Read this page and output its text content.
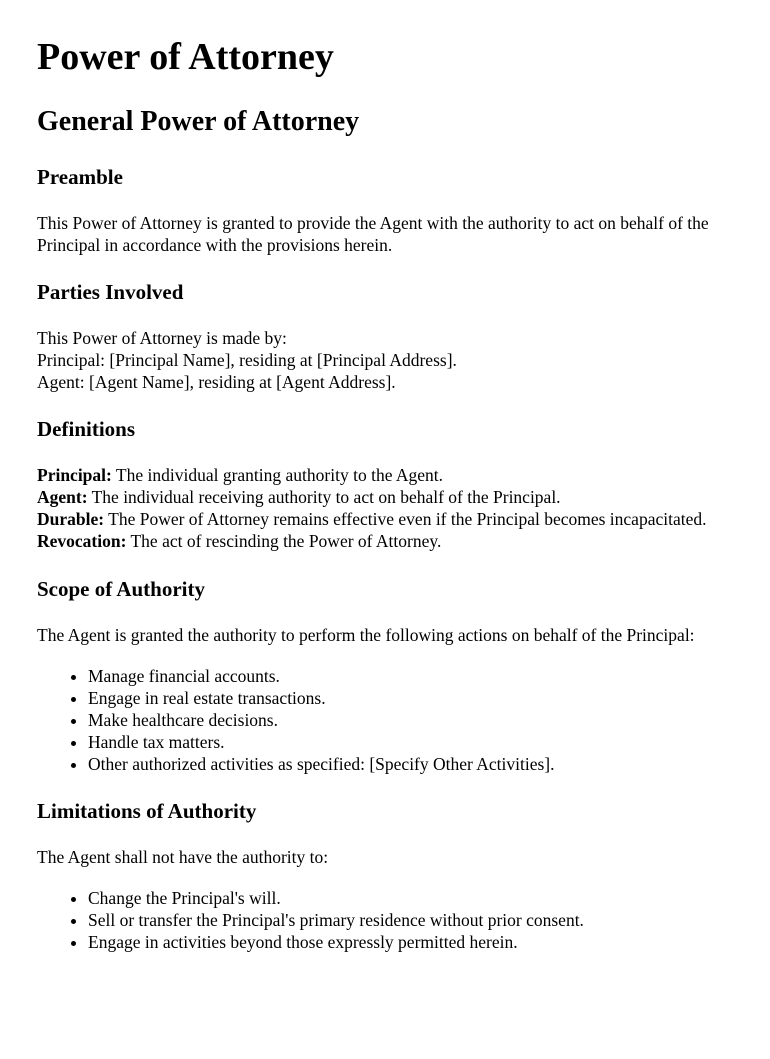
Power of Attorney
General Power of Attorney
Preamble

This Power of Attorney is granted to provide the Agent with the authority to act on behalf of the Principal in accordance with the provisions herein.

Parties Involved

This Power of Attorney is made by:
Principal: [Principal Name], residing at [Principal Address].
Agent: [Agent Name], residing at [Agent Address].

Definitions

Principal: The individual granting authority to the Agent.
Agent: The individual receiving authority to act on behalf of the Principal.
Durable: The Power of Attorney remains effective even if the Principal becomes incapacitated.
Revocation: The act of rescinding the Power of Attorney.

Scope of Authority

The Agent is granted the authority to perform the following actions on behalf of the Principal:

• Manage financial accounts.
• Engage in real estate transactions.
• Make healthcare decisions.
• Handle tax matters.
• Other authorized activities as specified: [Specify Other Activities].
Limitations of Authority

The Agent shall not have the authority to:

• Change the Principal's will.
• Sell or transfer the Principal's primary residence without prior consent.
• Engage in activities beyond those expressly permitted herein.
